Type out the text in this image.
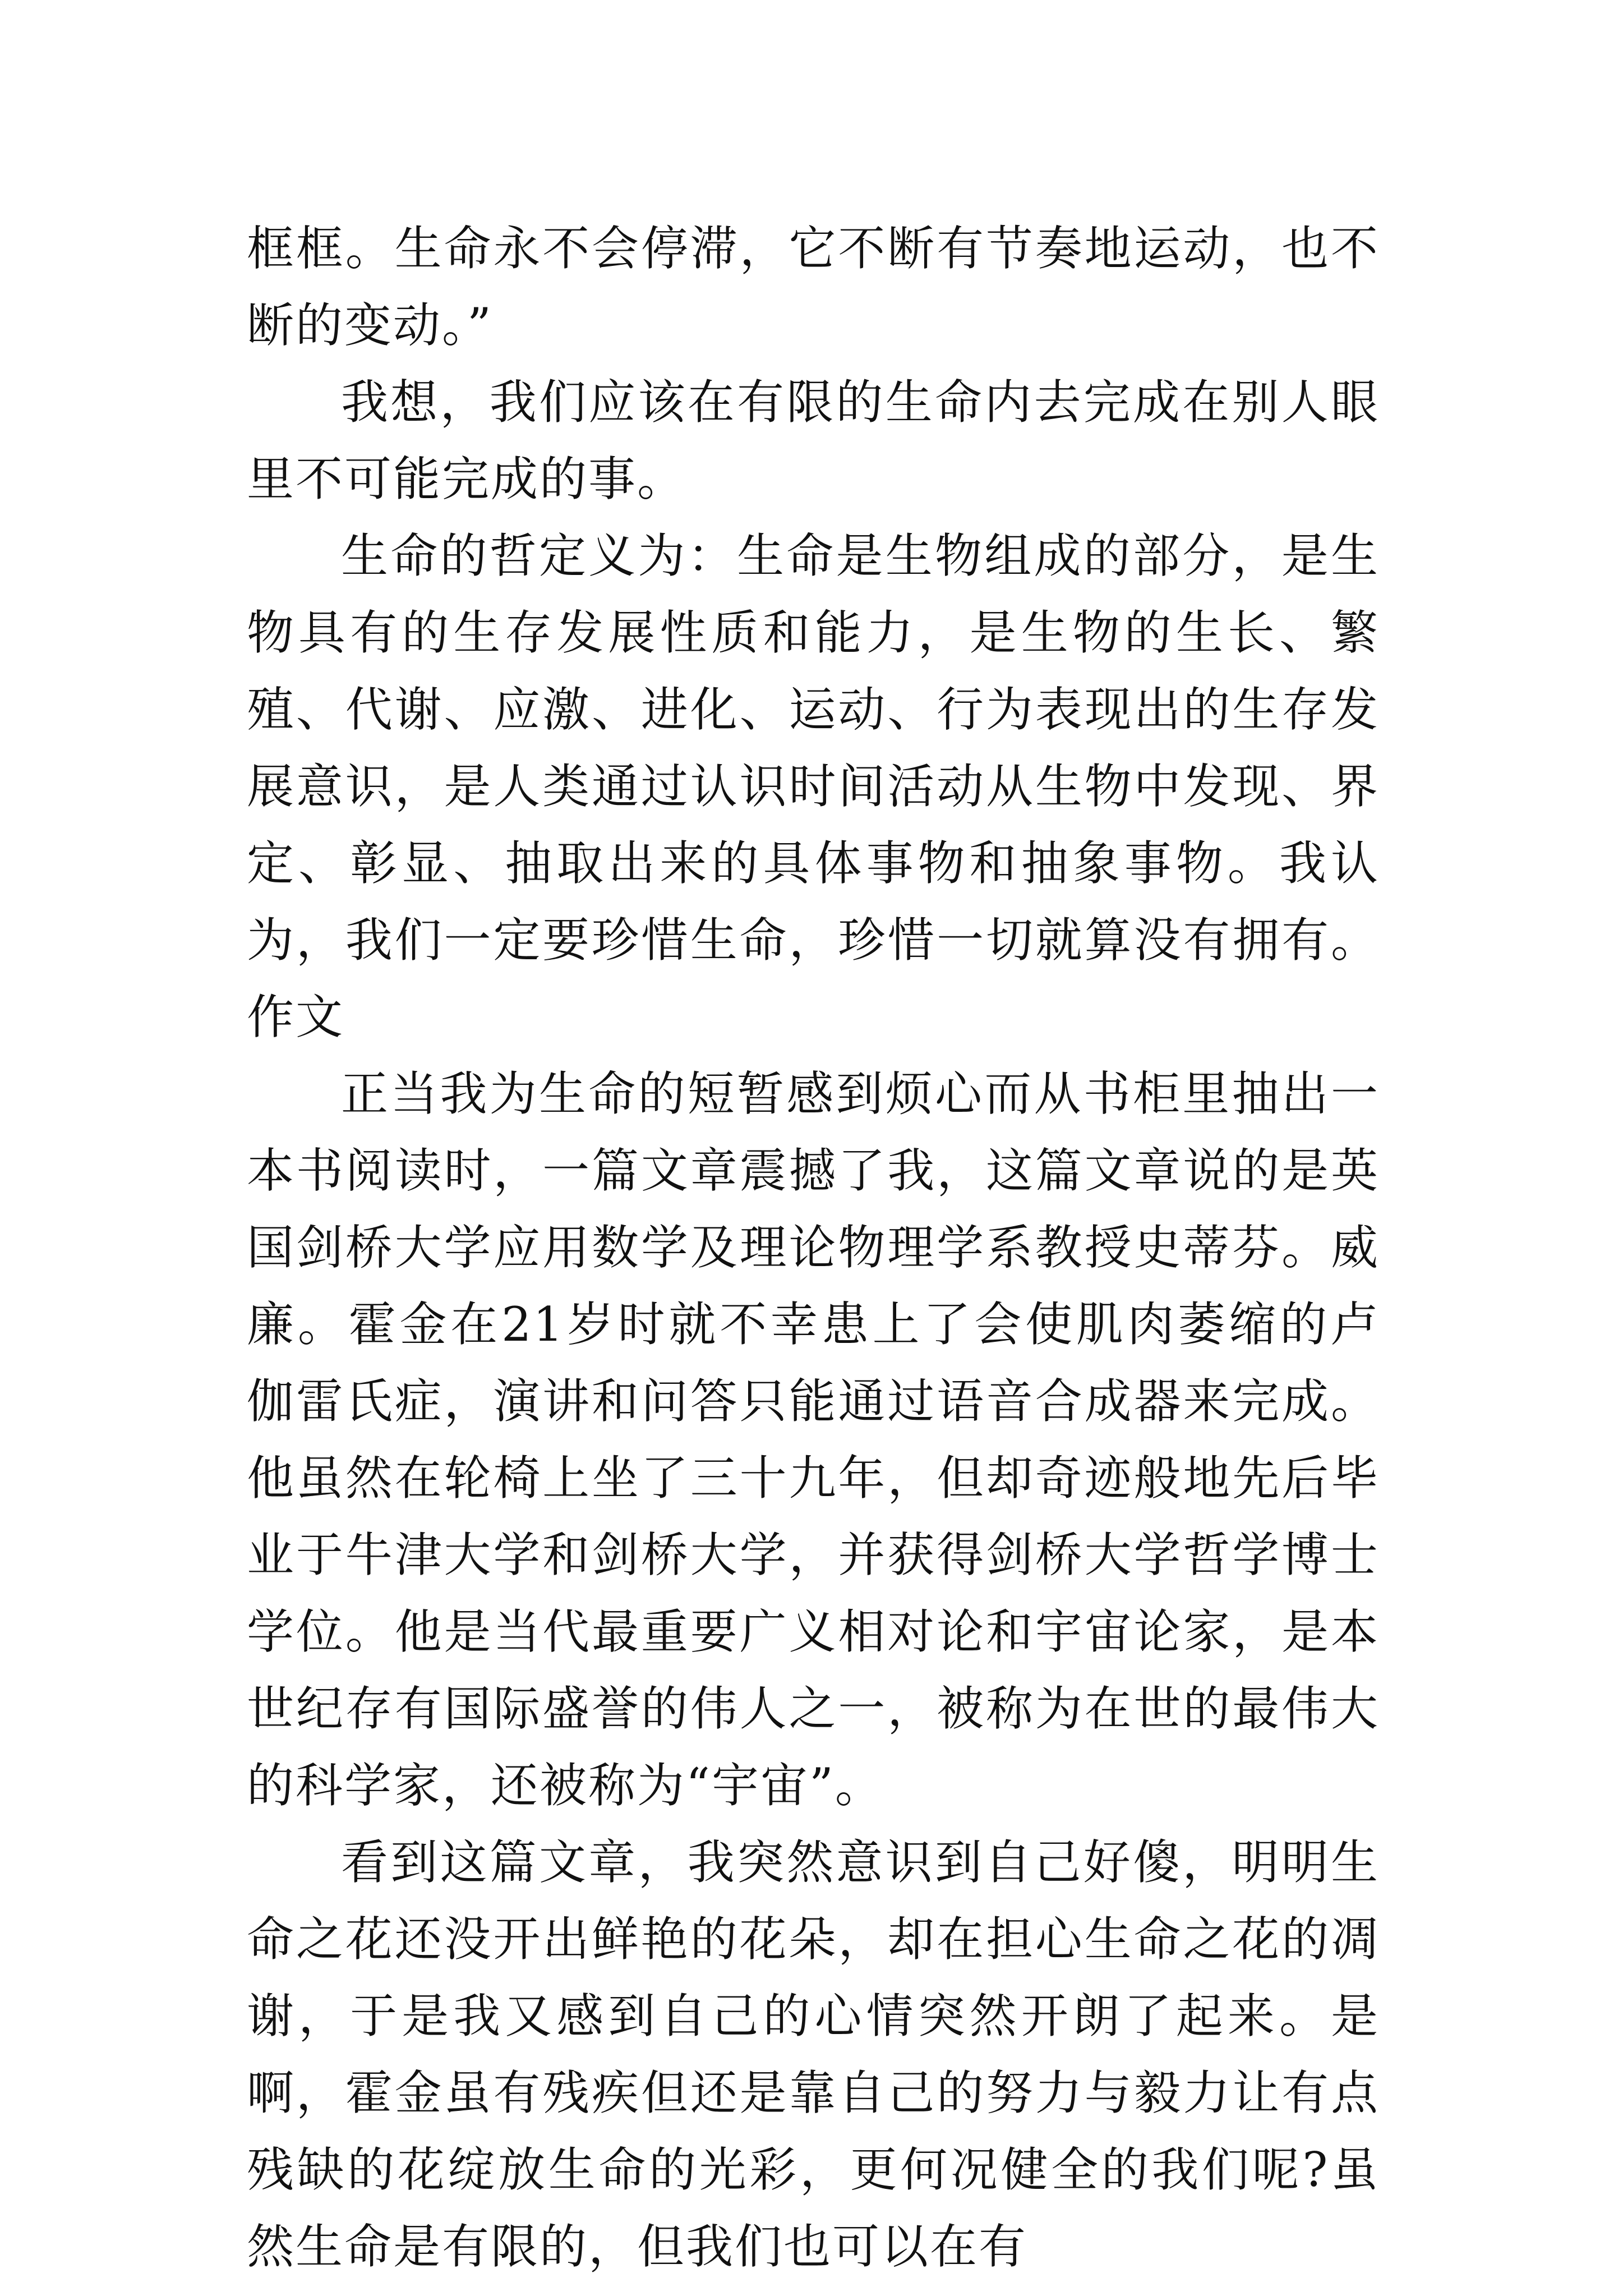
框框。生命永不会停滞，它不断有节奏地运动，也不断的变动。”

我想，我们应该在有限的生命内去完成在别人眼里不可能完成的事。

生命的哲定义为：生命是生物组成的部分，是生物具有的生存发展性质和能力，是生物的生长、繁殖、代谢、应激、进化、运动、行为表现出的生存发展意识，是人类通过认识时间活动从生物中发现、界定、彰显、抽取出来的具体事物和抽象事物。我认为，我们一定要珍惜生命，珍惜一切就算没有拥有。作文

正当我为生命的短暂感到烦心而从书柜里抽出一本书阅读时，一篇文章震撼了我，这篇文章说的是英国剑桥大学应用数学及理论物理学系教授史蒂芬。威廉。霍金在21岁时就不幸患上了会使肌肉萎缩的卢伽雷氏症，演讲和问答只能通过语音合成器来完成。他虽然在轮椅上坐了三十九年，但却奇迹般地先后毕业于牛津大学和剑桥大学，并获得剑桥大学哲学博士学位。他是当代最重要广义相对论和宇宙论家，是本世纪存有国际盛誉的伟人之一，被称为在世的最伟大的科学家，还被称为“宇宙”。

看到这篇文章，我突然意识到自己好傻，明明生命之花还没开出鲜艳的花朵，却在担心生命之花的凋谢，于是我又感到自己的心情突然开朗了起来。是啊，霍金虽有残疾但还是靠自己的努力与毅力让有点残缺的花绽放生命的光彩，更何况健全的我们呢?虽然生命是有限的，但我们也可以在有
